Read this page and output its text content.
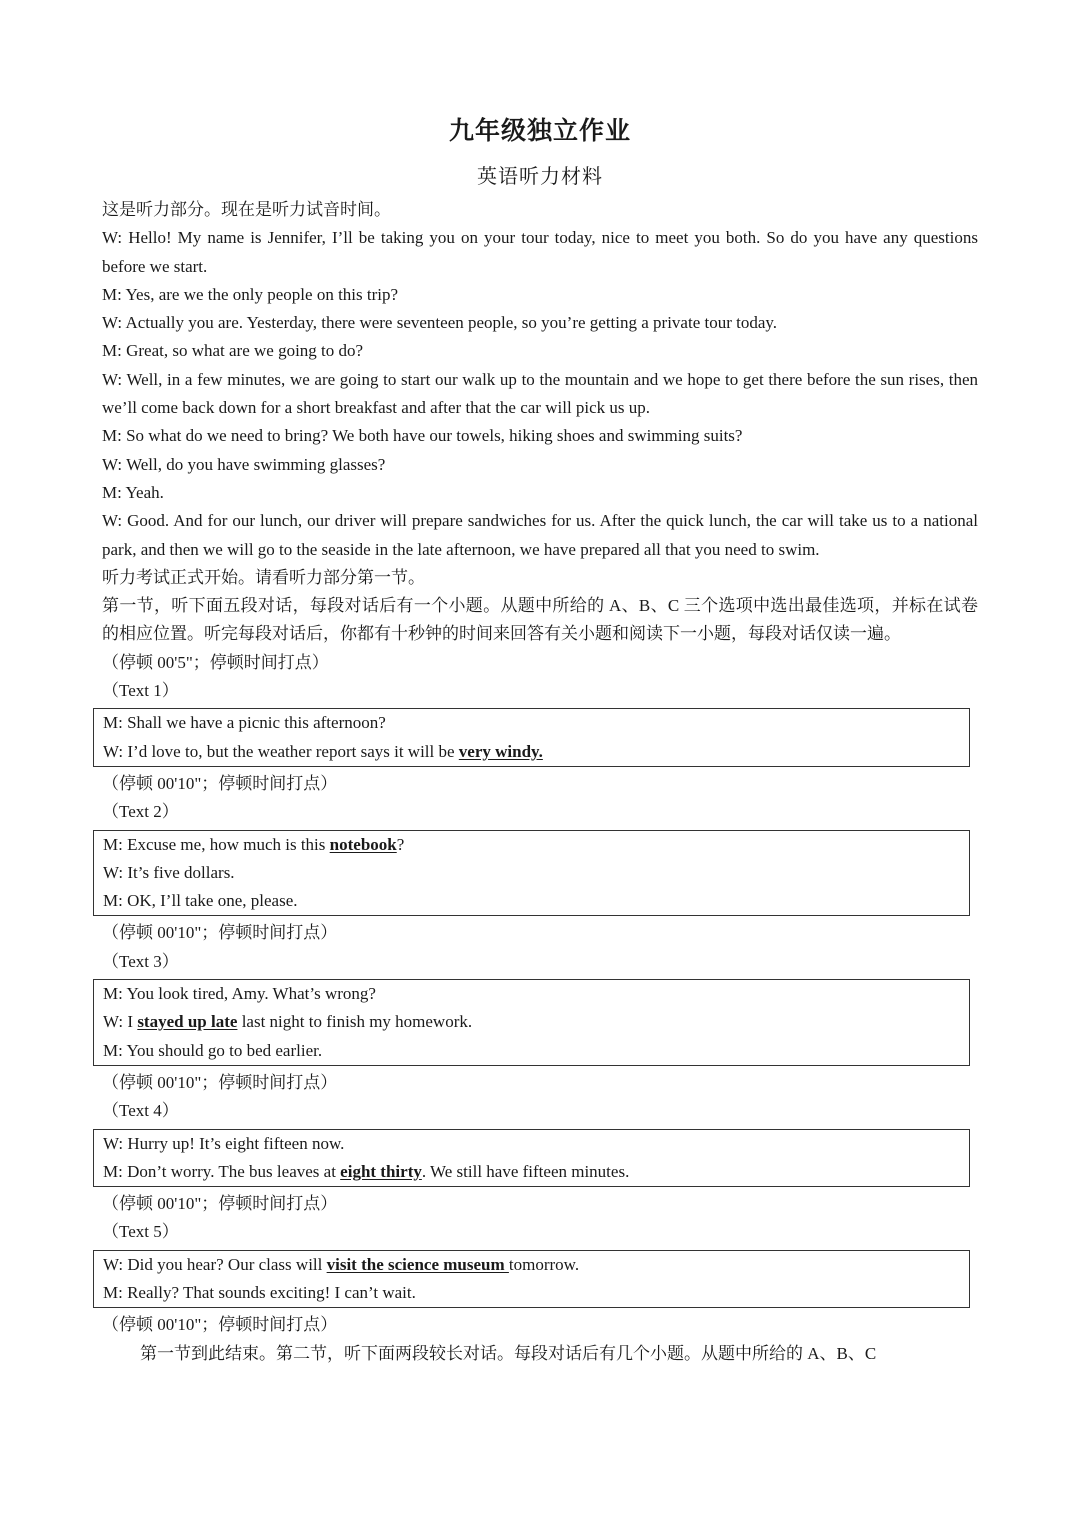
九年级独立作业
英语听力材料

这是听力部分。现在是听力试音时间。

W: Hello! My name is Jennifer, I’ll be taking you on your tour today, nice to meet you both. So do you have any questions before we start.

M: Yes, are we the only people on this trip?

W: Actually you are. Yesterday, there were seventeen people, so you’re getting a private tour today.

M: Great, so what are we going to do?

W: Well, in a few minutes, we are going to start our walk up to the mountain and we hope to get there before the sun rises, then we’ll come back down for a short breakfast and after that the car will pick us up.

M: So what do we need to bring? We both have our towels, hiking shoes and swimming suits?

W: Well, do you have swimming glasses?

M: Yeah.

W: Good. And for our lunch, our driver will prepare sandwiches for us. After the quick lunch, the car will take us to a national park, and then we will go to the seaside in the late afternoon, we have prepared all that you need to swim.

听力考试正式开始。请看听力部分第一节。

第一节，听下面五段对话，每段对话后有一个小题。从题中所给的 A、B、C 三个选项中选出最佳选项，并标在试卷的相应位置。听完每段对话后，你都有十秒钟的时间来回答有关小题和阅读下一小题，每段对话仅读一遍。

（停顿 00'5"；停顿时间打点）

（Text 1）

M: Shall we have a picnic this afternoon?

W: I’d love to, but the weather report says it will be very windy.

（停顿 00'10"；停顿时间打点）

（Text 2）

M: Excuse me, how much is this notebook?

W: It’s five dollars.

M: OK, I’ll take one, please.

（停顿 00'10"；停顿时间打点）

（Text 3）

M: You look tired, Amy. What’s wrong?

W: I stayed up late last night to finish my homework.

M: You should go to bed earlier.

（停顿 00'10"；停顿时间打点）

（Text 4）

W: Hurry up! It’s eight fifteen now.

M: Don’t worry. The bus leaves at eight thirty. We still have fifteen minutes.

（停顿 00'10"；停顿时间打点）

（Text 5）

W: Did you hear? Our class will visit the science museum tomorrow.

M: Really? That sounds exciting! I can’t wait.

（停顿 00'10"；停顿时间打点）

第一节到此结束。第二节，听下面两段较长对话。每段对话后有几个小题。从题中所给的 A、B、C
